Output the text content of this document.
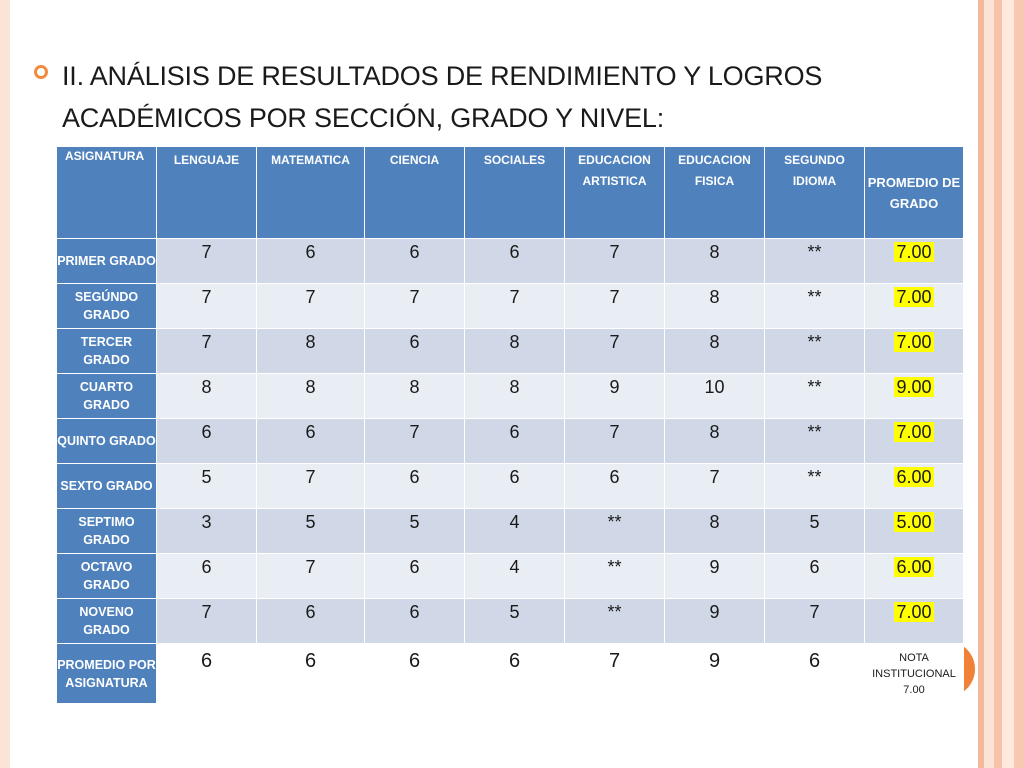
II. ANÁLISIS DE RESULTADOS DE RENDIMIENTO Y LOGROS
ACADÉMICOS POR SECCIÓN, GRADO Y NIVEL:
ASIGNATURA	LENGUAJE	MATEMATICA	CIENCIA	SOCIALES	EDUCACION ARTISTICA	EDUCACION FISICA	SEGUNDO IDIOMA	PROMEDIO DE GRADO
PRIMER GRADO	7	6	6	6	7	8	**	7.00
SEGÚNDO GRADO	7	7	7	7	7	8	**	7.00
TERCER GRADO	7	8	6	8	7	8	**	7.00
CUARTO GRADO	8	8	8	8	9	10	**	9.00
QUINTO GRADO	6	6	7	6	7	8	**	7.00
SEXTO GRADO	5	7	6	6	6	7	**	6.00
SEPTIMO GRADO	3	5	5	4	**	8	5	5.00
OCTAVO GRADO	6	7	6	4	**	9	6	6.00
NOVENO GRADO	7	6	6	5	**	9	7	7.00
PROMEDIO POR ASIGNATURA	6	6	6	6	7	9	6	NOTA INSTITUCIONAL 7.00
